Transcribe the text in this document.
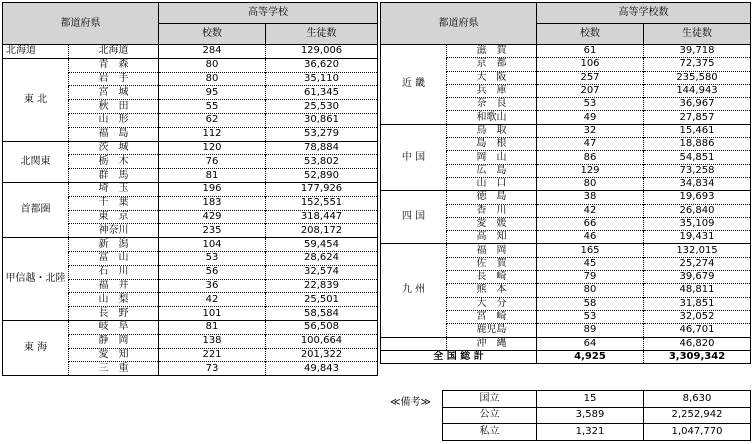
都道府県		高等学校	
		校数	生徒数
北海道	北海道	284	129,006
東 北	青　森	80	36,620
	岩　手	80	35,110
	宮　城	95	61,345
	秋　田	55	25,530
	山　形	62	30,861
	福　島	112	53,279
北関東	茨　城	120	78,884
	栃　木	76	53,802
	群　馬	81	52,890
首都圏	埼　玉	196	177,926
	千　葉	183	152,551
	東　京	429	318,447
	神奈川	235	208,172
甲信越・北陸	新　潟	104	59,454
	富　山	53	28,624
	石　川	56	32,574
	福　井	36	22,839
	山　梨	42	25,501
	長　野	101	58,584
東 海	岐　阜	81	56,508
	静　岡	138	100,664
	愛　知	221	201,322
	三　重	73	49,843
都道府県		高等学校数	
		校数	生徒数
近 畿	滋　賀	61	39,718
	京　都	106	72,375
	大　阪	257	235,580
	兵　庫	207	144,943
	奈　良	53	36,967
	和歌山	49	27,857
中 国	鳥　取	32	15,461
	島　根	47	18,886
	岡　山	86	54,851
	広　島	129	73,258
	山　口	80	34,834
四 国	徳　島	38	19,693
	香　川	42	26,840
	愛　媛	66	35,109
	高　知	46	19,431
九 州	福　岡	165	132,015
	佐　賀	45	25,274
	長　崎	79	39,679
	熊　本	80	48,811
	大　分	58	31,851
	宮　崎	53	32,052
	鹿児島	89	46,701
	沖　縄	64	46,820
全 国 総 計		4,925	3,309,342
≪備考≫	国立	15	8,630
公立	3,589	2,252,942
私立	1,321	1,047,770
